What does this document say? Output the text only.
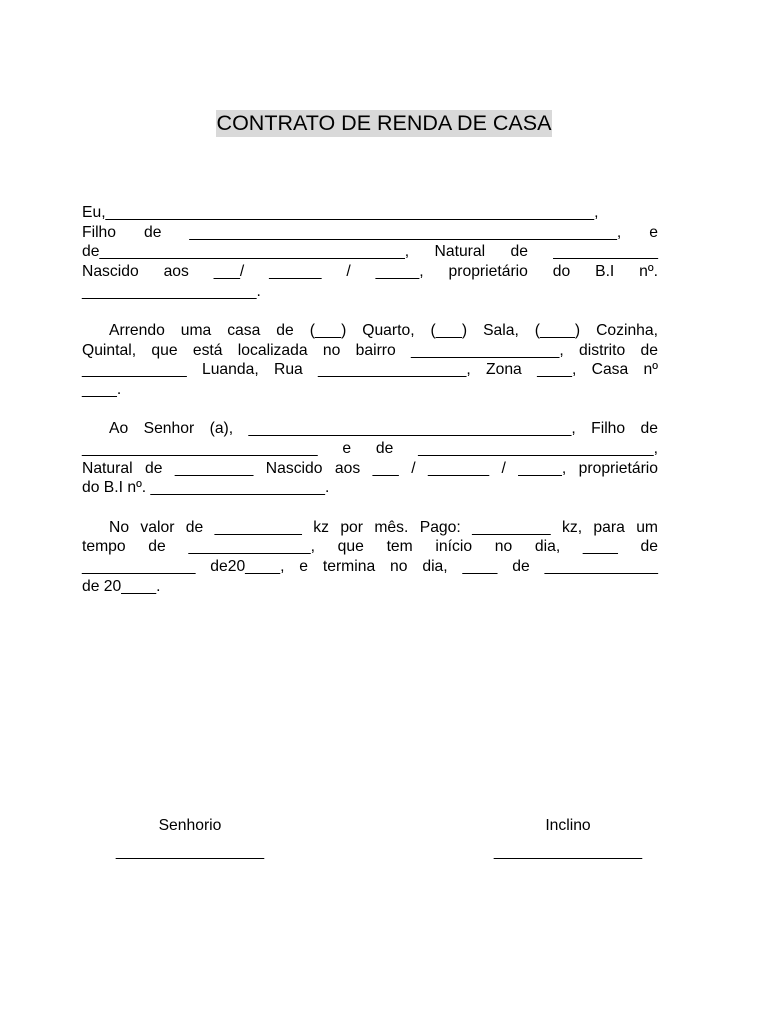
CONTRATO DE RENDA DE CASA
Eu,________________________________________________________,
Filho de _________________________________________________, e
de___________________________________, Natural de ____________
Nascido aos ___/ ______ / _____, proprietário do B.I nº.
____________________.
Arrendo uma casa de (___) Quarto, (___) Sala, (____) Cozinha,
Quintal, que está localizada no bairro _________________, distrito de
____________ Luanda, Rua _________________, Zona ____, Casa nº
____.
Ao Senhor (a), _____________________________________, Filho de
___________________________ e de ___________________________,
Natural de _________ Nascido aos ___ / _______ / _____, proprietário
do B.I nº. ____________________.
No valor de __________ kz por mês. Pago: _________ kz, para um
tempo de ______________, que tem início no dia, ____ de
_____________ de20____, e termina no dia, ____ de _____________
de 20____.
Senhorio
_________________
Inclino
_________________
